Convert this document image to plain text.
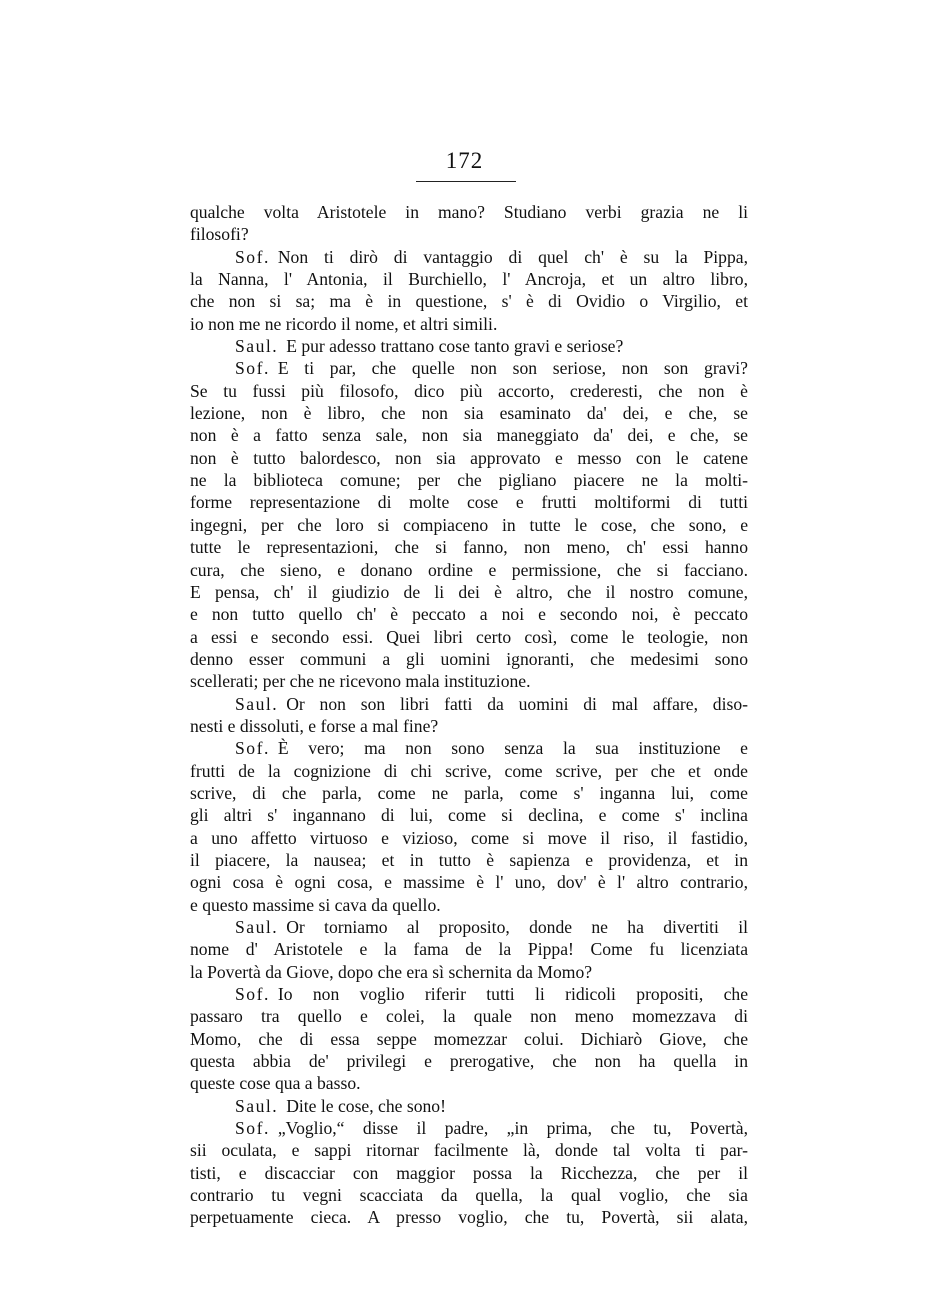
172
qualche volta Aristotele in mano? Studiano verbi grazia ne li
filosofi?
Sof. Non ti dirò di vantaggio di quel ch' è su la Pippa,
la Nanna, l' Antonia, il Burchiello, l' Ancroja, et un altro libro,
che non si sa; ma è in questione, s' è di Ovidio o Virgilio, et
io non me ne ricordo il nome, et altri simili.
Saul. E pur adesso trattano cose tanto gravi e seriose?
Sof. E ti par, che quelle non son seriose, non son gravi?
Se tu fussi più filosofo, dico più accorto, crederesti, che non è
lezione, non è libro, che non sia esaminato da' dei, e che, se
non è a fatto senza sale, non sia maneggiato da' dei, e che, se
non è tutto balordesco, non sia approvato e messo con le catene
ne la biblioteca comune; per che pigliano piacere ne la molti-
forme representazione di molte cose e frutti moltiformi di tutti
ingegni, per che loro si compiaceno in tutte le cose, che sono, e
tutte le representazioni, che si fanno, non meno, ch' essi hanno
cura, che sieno, e donano ordine e permissione, che si facciano.
E pensa, ch' il giudizio de li dei è altro, che il nostro comune,
e non tutto quello ch' è peccato a noi e secondo noi, è peccato
a essi e secondo essi. Quei libri certo così, come le teologie, non
denno esser communi a gli uomini ignoranti, che medesimi sono
scellerati; per che ne ricevono mala instituzione.
Saul. Or non son libri fatti da uomini di mal affare, diso-
nesti e dissoluti, e forse a mal fine?
Sof. È vero; ma non sono senza la sua instituzione e
frutti de la cognizione di chi scrive, come scrive, per che et onde
scrive, di che parla, come ne parla, come s' inganna lui, come
gli altri s' ingannano di lui, come si declina, e come s' inclina
a uno affetto virtuoso e vizioso, come si move il riso, il fastidio,
il piacere, la nausea; et in tutto è sapienza e providenza, et in
ogni cosa è ogni cosa, e massime è l' uno, dov' è l' altro contrario,
e questo massime si cava da quello.
Saul. Or torniamo al proposito, donde ne ha divertiti il
nome d' Aristotele e la fama de la Pippa! Come fu licenziata
la Povertà da Giove, dopo che era sì schernita da Momo?
Sof. Io non voglio riferir tutti li ridicoli propositi, che
passaro tra quello e colei, la quale non meno momezzava di
Momo, che di essa seppe momezzar colui. Dichiarò Giove, che
questa abbia de' privilegi e prerogative, che non ha quella in
queste cose qua a basso.
Saul. Dite le cose, che sono!
Sof. „Voglio,“ disse il padre, „in prima, che tu, Povertà,
sii oculata, e sappi ritornar facilmente là, donde tal volta ti par-
tisti, e discacciar con maggior possa la Ricchezza, che per il
contrario tu vegni scacciata da quella, la qual voglio, che sia
perpetuamente cieca. A presso voglio, che tu, Povertà, sii alata,
